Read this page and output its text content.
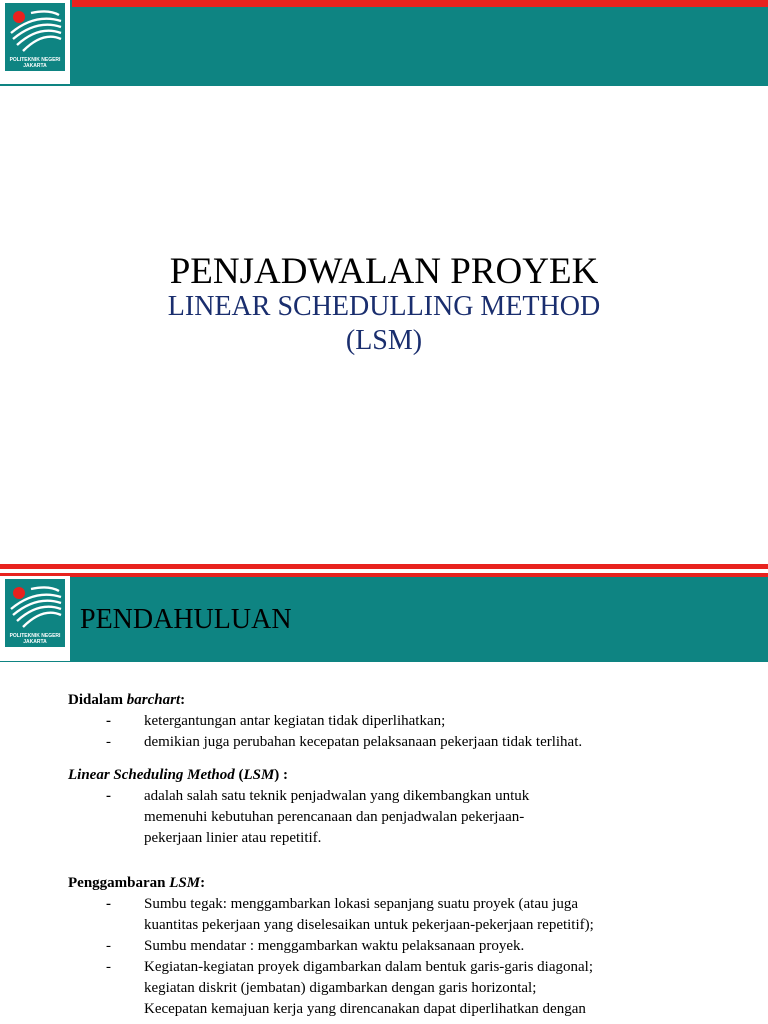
POLITEKNIK NEGERI JAKARTA
PENJADWALAN PROYEK
LINEAR SCHEDULLING METHOD
(LSM)
POLITEKNIK NEGERI JAKARTA
PENDAHULUAN
Didalam barchart:
- ketergantungan antar kegiatan tidak diperlihatkan;
- demikian juga perubahan kecepatan pelaksanaan pekerjaan tidak terlihat.
Linear Scheduling Method (LSM) :
- adalah salah satu teknik penjadwalan yang dikembangkan untuk
memenuhi kebutuhan perencanaan dan penjadwalan pekerjaan-
pekerjaan linier atau repetitif.
Penggambaran LSM:
- Sumbu tegak: menggambarkan lokasi sepanjang suatu proyek (atau juga
kuantitas pekerjaan yang diselesaikan untuk pekerjaan-pekerjaan repetitif);
- Sumbu mendatar : menggambarkan waktu pelaksanaan proyek.
- Kegiatan-kegiatan proyek digambarkan dalam bentuk garis-garis diagonal;
kegiatan diskrit (jembatan) digambarkan dengan garis horizontal;
Kecepatan kemajuan kerja yang direncanakan dapat diperlihatkan dengan
